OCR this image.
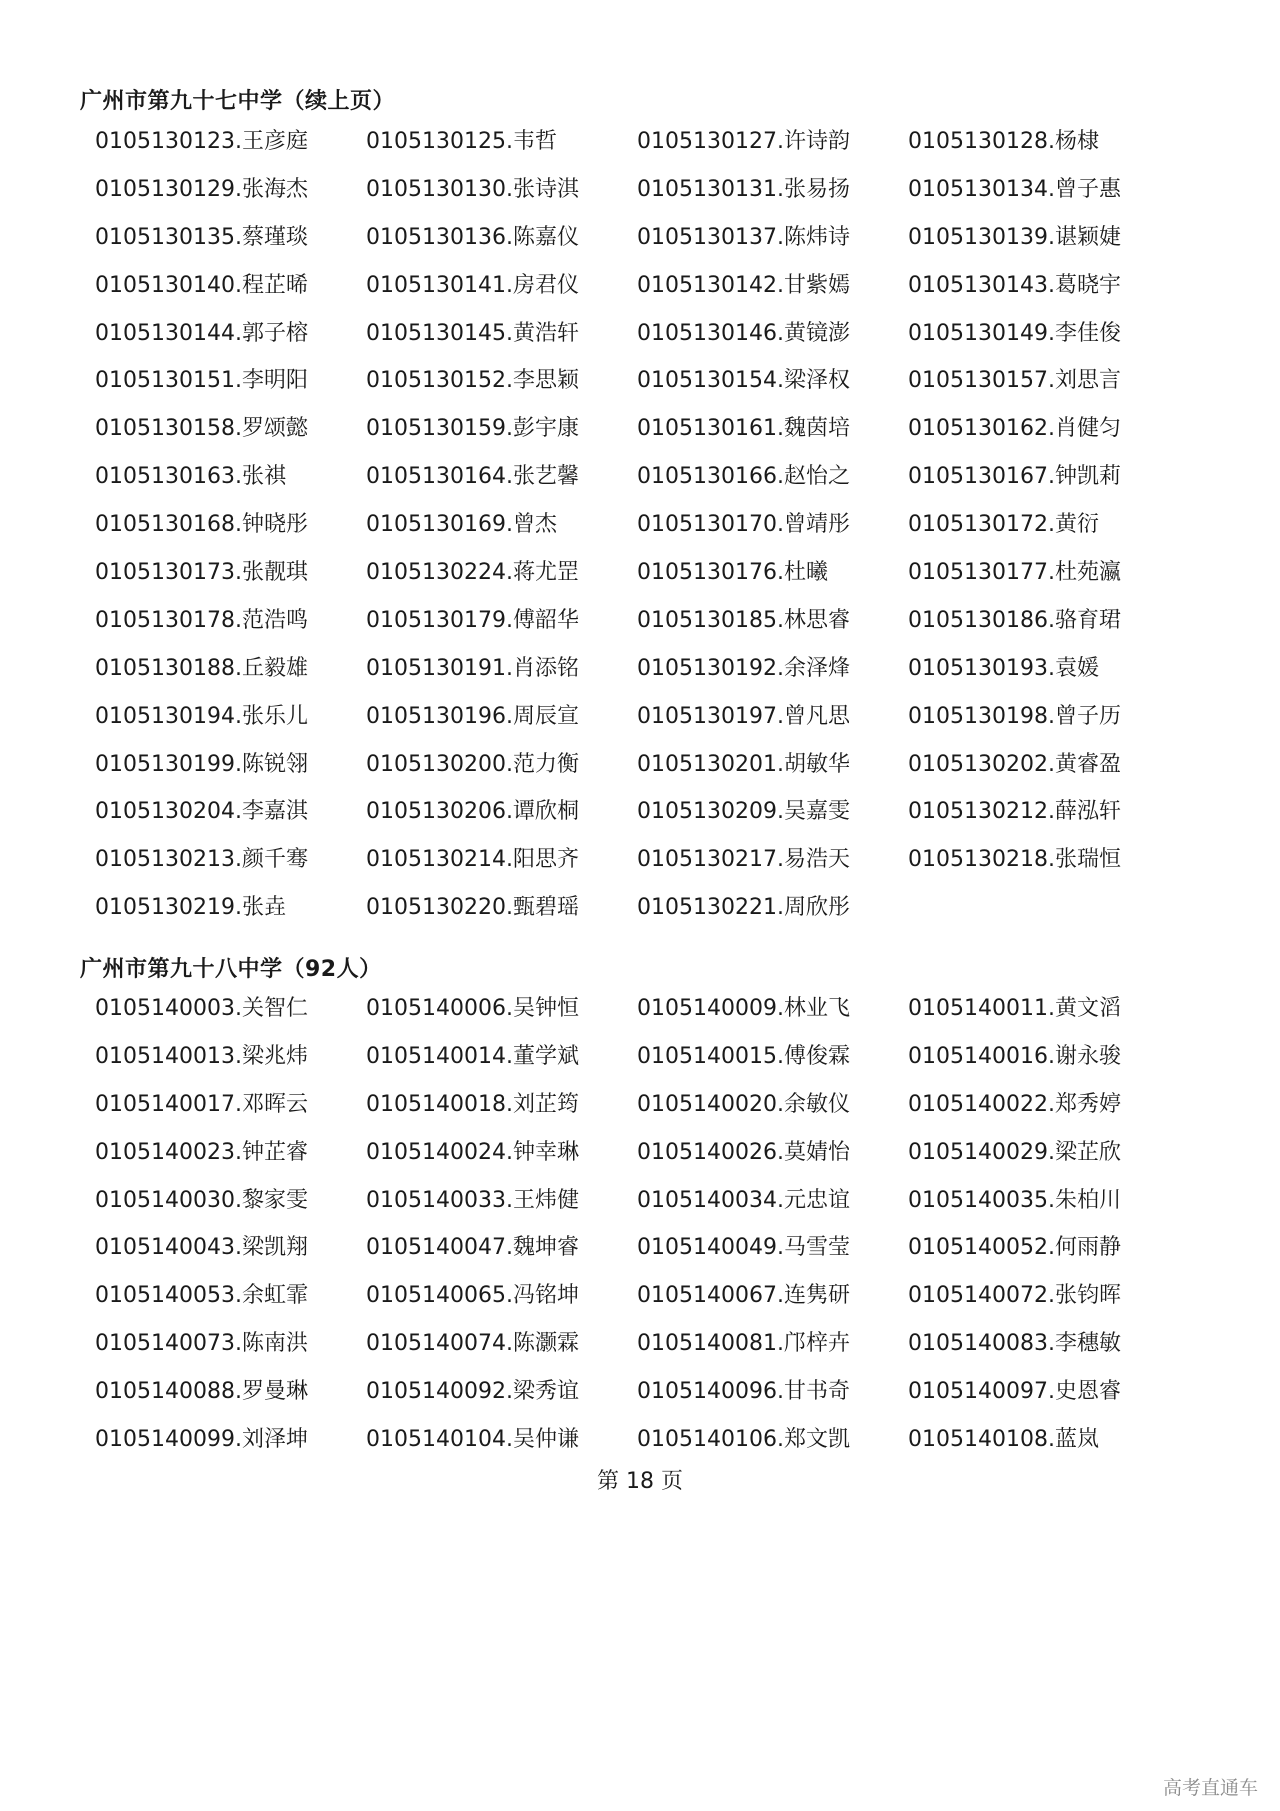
广州市第九十七中学（续上页）
0105130123.王彦庭	0105130125.韦哲	0105130127.许诗韵	0105130128.杨棣
0105130129.张海杰	0105130130.张诗淇	0105130131.张易扬	0105130134.曾子惠
0105130135.蔡瑾琰	0105130136.陈嘉仪	0105130137.陈炜诗	0105130139.谌颖婕
0105130140.程芷晞	0105130141.房君仪	0105130142.甘紫嫣	0105130143.葛晓宇
0105130144.郭子榕	0105130145.黄浩轩	0105130146.黄镜澎	0105130149.李佳俊
0105130151.李明阳	0105130152.李思颖	0105130154.梁泽权	0105130157.刘思言
0105130158.罗颂懿	0105130159.彭宇康	0105130161.魏茵培	0105130162.肖健匀
0105130163.张祺	0105130164.张艺馨	0105130166.赵怡之	0105130167.钟凯莉
0105130168.钟晓彤	0105130169.曾杰	0105130170.曾靖彤	0105130172.黄衍
0105130173.张靓琪	0105130224.蒋尤罡	0105130176.杜曦	0105130177.杜苑瀛
0105130178.范浩鸣	0105130179.傅韶华	0105130185.林思睿	0105130186.骆育珺
0105130188.丘毅雄	0105130191.肖添铭	0105130192.余泽烽	0105130193.袁媛
0105130194.张乐儿	0105130196.周辰宣	0105130197.曾凡思	0105130198.曾子历
0105130199.陈锐翎	0105130200.范力衡	0105130201.胡敏华	0105130202.黄睿盈
0105130204.李嘉淇	0105130206.谭欣桐	0105130209.吴嘉雯	0105130212.薛泓轩
0105130213.颜千骞	0105130214.阳思齐	0105130217.易浩天	0105130218.张瑞恒
0105130219.张垚	0105130220.甄碧瑶	0105130221.周欣彤
广州市第九十八中学（92人）
0105140003.关智仁	0105140006.吴钟恒	0105140009.林业飞	0105140011.黄文滔
0105140013.梁兆炜	0105140014.董学斌	0105140015.傅俊霖	0105140016.谢永骏
0105140017.邓晖云	0105140018.刘芷筠	0105140020.余敏仪	0105140022.郑秀婷
0105140023.钟芷睿	0105140024.钟幸琳	0105140026.莫婧怡	0105140029.梁芷欣
0105140030.黎家雯	0105140033.王炜健	0105140034.元忠谊	0105140035.朱柏川
0105140043.梁凯翔	0105140047.魏坤睿	0105140049.马雪莹	0105140052.何雨静
0105140053.余虹霏	0105140065.冯铭坤	0105140067.连隽研	0105140072.张钧晖
0105140073.陈南洪	0105140074.陈灏霖	0105140081.邝梓卉	0105140083.李穗敏
0105140088.罗曼琳	0105140092.梁秀谊	0105140096.甘书奇	0105140097.史恩睿
0105140099.刘泽坤	0105140104.吴仲谦	0105140106.郑文凯	0105140108.蓝岚
第 18 页
高考直通车
